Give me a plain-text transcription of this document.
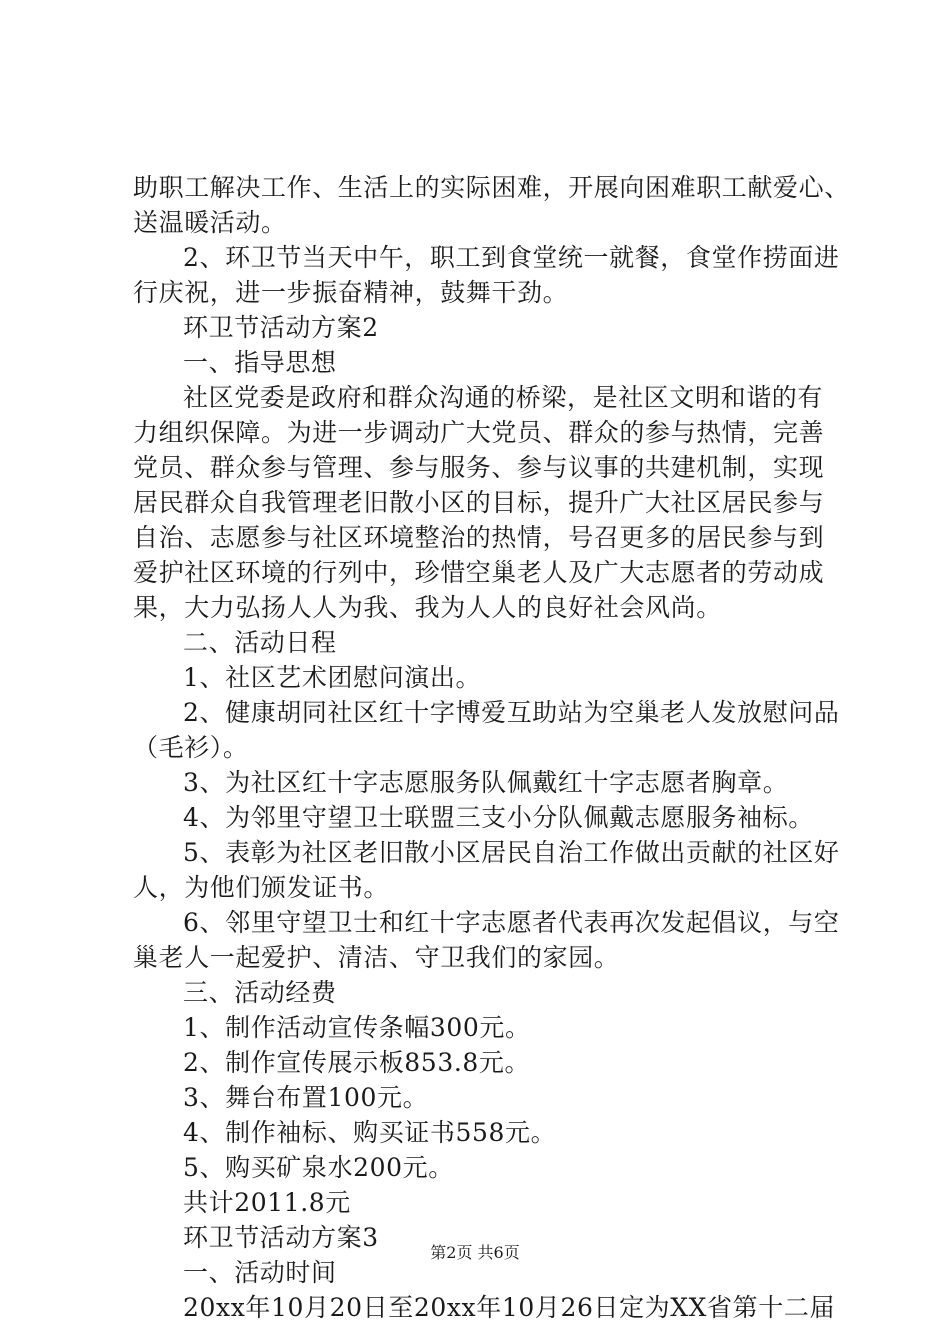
助职工解决工作、生活上的实际困难，开展向困难职工献爱心、
送温暖活动。
2、环卫节当天中午，职工到食堂统一就餐，食堂作捞面进
行庆祝，进一步振奋精神，鼓舞干劲。
环卫节活动方案2
一、指导思想
社区党委是政府和群众沟通的桥梁，是社区文明和谐的有
力组织保障。为进一步调动广大党员、群众的参与热情，完善
党员、群众参与管理、参与服务、参与议事的共建机制，实现
居民群众自我管理老旧散小区的目标，提升广大社区居民参与
自治、志愿参与社区环境整治的热情，号召更多的居民参与到
爱护社区环境的行列中，珍惜空巢老人及广大志愿者的劳动成
果，大力弘扬人人为我、我为人人的良好社会风尚。
二、活动日程
1、社区艺术团慰问演出。
2、健康胡同社区红十字博爱互助站为空巢老人发放慰问品
（毛衫）。
3、为社区红十字志愿服务队佩戴红十字志愿者胸章。
4、为邻里守望卫士联盟三支小分队佩戴志愿服务袖标。
5、表彰为社区老旧散小区居民自治工作做出贡献的社区好
人，为他们颁发证书。
6、邻里守望卫士和红十字志愿者代表再次发起倡议，与空
巢老人一起爱护、清洁、守卫我们的家园。
三、活动经费
1、制作活动宣传条幅300元。
2、制作宣传展示板853.8元。
3、舞台布置100元。
4、制作袖标、购买证书558元。
5、购买矿泉水200元。
共计2011.8元
环卫节活动方案3
一、活动时间
20xx年10月20日至20xx年10月26日定为XX省第十二届
第2页 共6页
